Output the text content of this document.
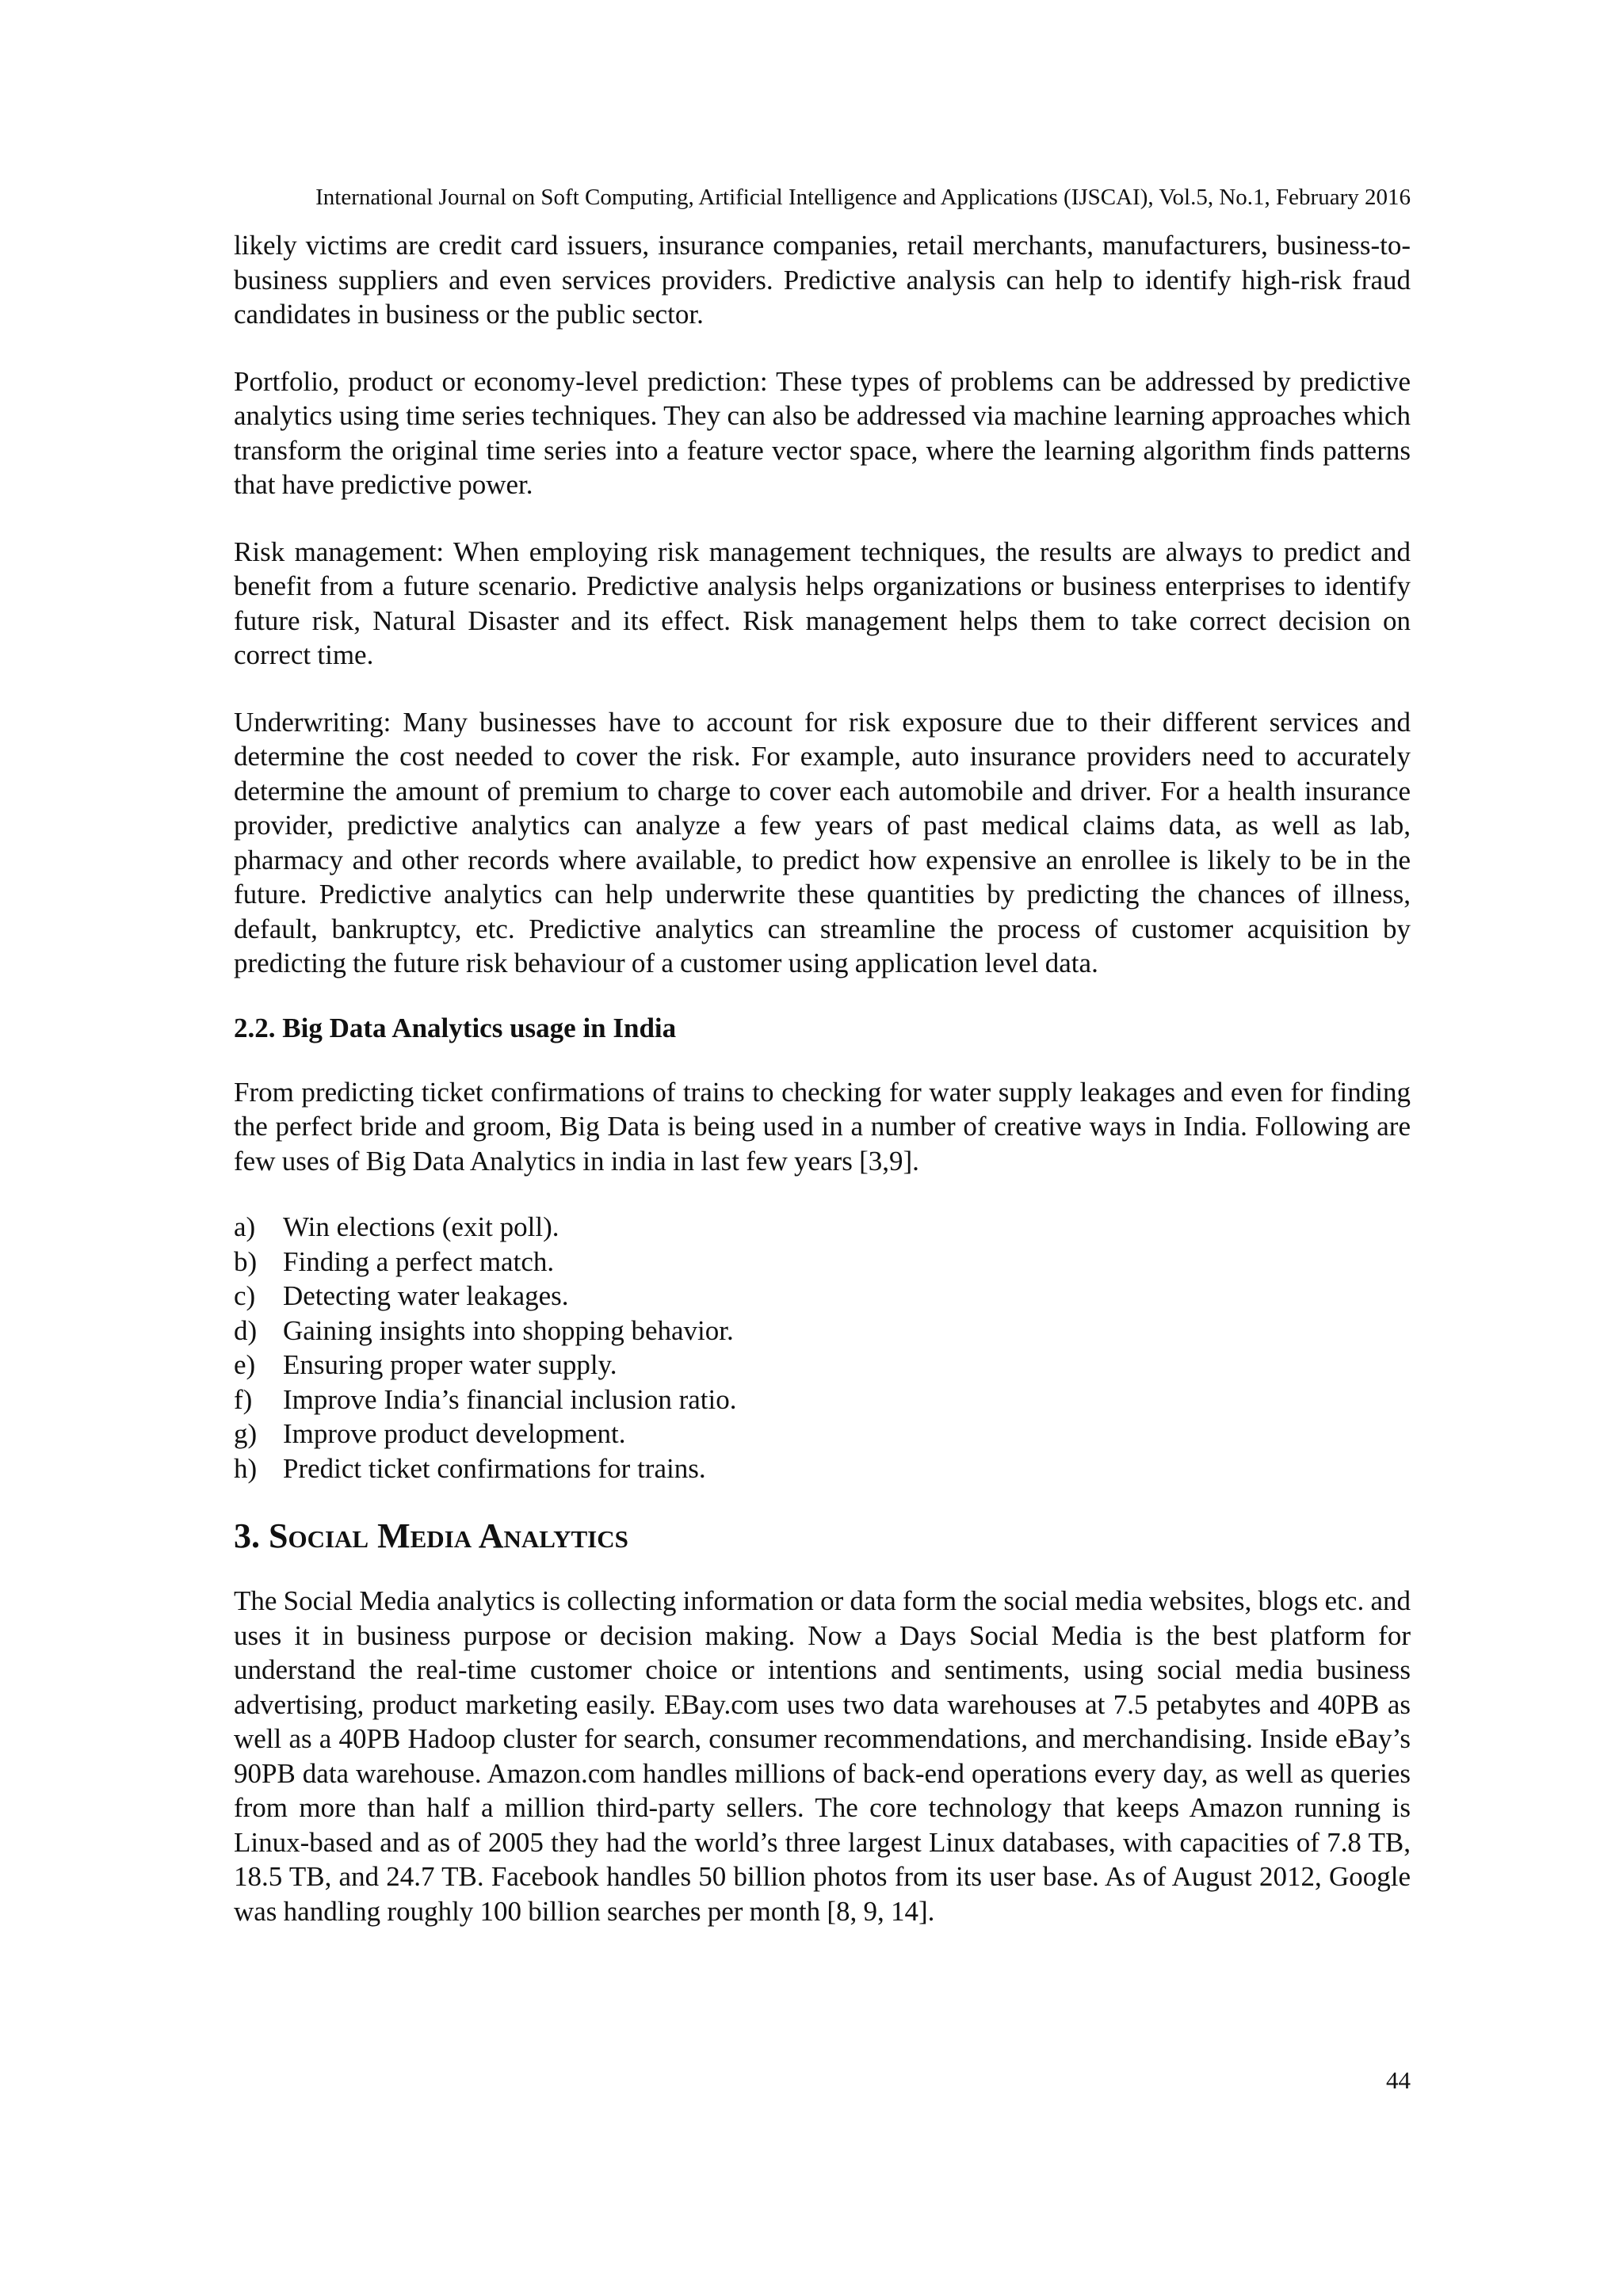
International Journal on Soft Computing, Artificial Intelligence and Applications (IJSCAI), Vol.5, No.1, February 2016

likely victims are credit card issuers, insurance companies, retail merchants, manufacturers, business-to-business suppliers and even services providers. Predictive analysis can help to identify high-risk fraud candidates in business or the public sector.

Portfolio, product or economy-level prediction: These types of problems can be addressed by predictive analytics using time series techniques. They can also be addressed via machine learning approaches which transform the original time series into a feature vector space, where the learning algorithm finds patterns that have predictive power.

Risk management: When employing risk management techniques, the results are always to predict and benefit from a future scenario. Predictive analysis helps organizations or business enterprises to identify future risk, Natural Disaster and its effect. Risk management helps them to take correct decision on correct time.

Underwriting: Many businesses have to account for risk exposure due to their different services and determine the cost needed to cover the risk. For example, auto insurance providers need to accurately determine the amount of premium to charge to cover each automobile and driver. For a health insurance provider, predictive analytics can analyze a few years of past medical claims data, as well as lab, pharmacy and other records where available, to predict how expensive an enrollee is likely to be in the future. Predictive analytics can help underwrite these quantities by predicting the chances of illness, default, bankruptcy, etc. Predictive analytics can streamline the process of customer acquisition by predicting the future risk behaviour of a customer using application level data.

2.2. Big Data Analytics usage in India

From predicting ticket confirmations of trains to checking for water supply leakages and even for finding the perfect bride and groom, Big Data is being used in a number of creative ways in India. Following are few uses of Big Data Analytics in india in last few years [3,9].

a) Win elections (exit poll).
b) Finding a perfect match.
c) Detecting water leakages.
d) Gaining insights into shopping behavior.
e) Ensuring proper water supply.
f)	Improve India’s financial inclusion ratio.
g) Improve product development.
h) Predict ticket confirmations for trains.
3. Social Media Analytics

The Social Media analytics is collecting information or data form the social media websites, blogs etc. and uses it in business purpose or decision making. Now a Days Social Media is the best platform for understand the real-time customer choice or intentions and sentiments, using social media business advertising, product marketing easily. EBay.com uses two data warehouses at 7.5 petabytes and 40PB as well as a 40PB Hadoop cluster for search, consumer recommendations, and merchandising. Inside eBay’s 90PB data warehouse. Amazon.com handles millions of back-end operations every day, as well as queries from more than half a million third-party sellers. The core technology that keeps Amazon running is Linux-based and as of 2005 they had the world’s three largest Linux databases, with capacities of 7.8 TB, 18.5 TB, and 24.7 TB. Facebook handles 50 billion photos from its user base. As of August 2012, Google was handling roughly 100 billion searches per month [8, 9, 14].

44
